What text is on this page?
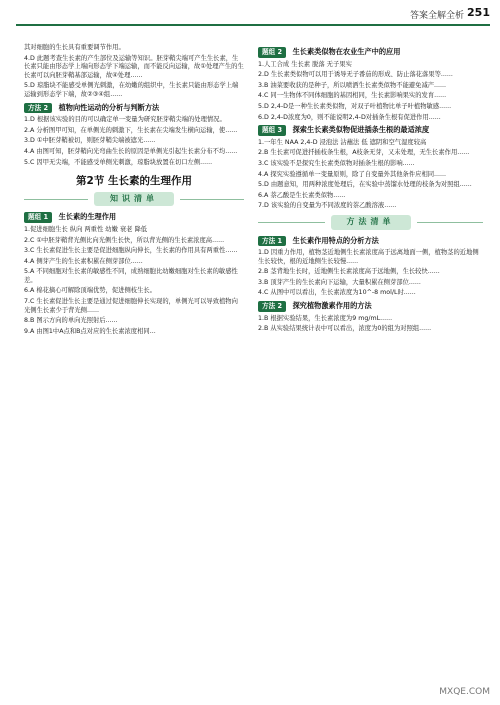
答案全解全析 251

其对细胞的生长具有重要调节作用。

4.D 此题考查生长素的产生部位及运输等知识。胚芽鞘尖端可产生生长素，生长素只能由形态学上端向形态学下端运输，而不能反向运输，故①处理产生的生长素可以向胚芽鞘基部运输，故④处理......

5.D 琼脂块不能感受单侧光刺激，在幼嫩的组织中，生长素只能由形态学上端运输到形态学下端，故②③④组......

方法 2 植物向性运动的分析与判断方法

1.D 根据该实验的目的可以确定单一变量为研究胚芽鞘尖端的处理情况。

2.A 分析图甲可知，在单侧光的刺激下，生长素在尖端发生横向运输，使......

3.D ①中胚芽鞘被切，则胚芽鞘尖端被遮光......

4.A 由图可知，胚芽鞘向光弯曲生长的原因是单侧光引起生长素分布不均......

5.C 因甲无尖端，不能感受单侧光刺激，琼脂块放置在切口左侧......

第2节 生长素的生理作用
知识清单
题组 1 生长素的生理作用

1.促进细胞生长 纵向 两重性 幼嫩 衰老 降低

2.C ①中胚芽鞘背光侧比向光侧生长快，所以背光侧的生长素浓度高......

3.C 生长素促进生长主要是促进细胞纵向伸长，生长素的作用具有两重性......

4.A 侧芽产生的生长素积累在侧芽部位......

5.A 不同细胞对生长素的敏感性不同，成熟细胞比幼嫩细胞对生长素的敏感性差。

6.A 棉花摘心可解除顶端优势，促进侧枝生长。

7.C 生长素促进生长主要是通过促进细胞伸长实现的，单侧光可以导致植物向光侧生长素少于背光侧......

8.B 图示方向的单向光照射后......

9.A 由图1中A点和B点对应的生长素浓度相同...

题组 2 生长素类似物在农业生产中的应用

1.人工合成 生长素 脱落 无子果实

2.D 生长素类似物可以用于诱导无子番茄的形成、防止落花落果等......

3.B 油菜要收获的是种子，所以喷洒生长素类似物不能避免减产......

4.C 同一生物体不同体细胞的基因相同，生长素影响果实的发育......

5.D 2,4-D是一种生长素类似物，对双子叶植物比单子叶植物敏感......

6.D 2,4-D浓度为0，则不能说明2,4-D对插条生根有促进作用......

题组 3 探索生长素类似物促进插条生根的最适浓度

1.一年生 NAA 2,4-D 浸泡法 沾蘸法 低 遮阴和空气湿度较高

2.B 生长素可促进扦插枝条生根，A枝条无芽，又未处理，无生长素作用......

3.C 该实验不是探究生长素类似物对插条生根的影响......

4.A 探究实验遵循单一变量原则，除了自变量外其他条件应相同......

5.D 由题意知，用两种浓度处理后，在实验中蒸馏水处理的枝条为对照组......

6.A 萘乙酸是生长素类似物......

7.D 该实验的自变量为不同浓度的萘乙酸溶液......

方法清单
方法 1 生长素作用特点的分析方法

1.D 因重力作用，植物茎近地侧生长素浓度高于远离地面一侧，植物茎的近地侧生长较快，根的近地侧生长较慢......

2.B 茎背地生长时，近地侧生长素浓度高于远地侧，生长较快......

3.B 顶芽产生的生长素向下运输，大量积累在侧芽部位......

4.C 从图中可以看出，生长素浓度为10^-8 mol/L时......

方法 2 探究植物激素作用的方法

1.B 根据实验结果，生长素浓度为9 mg/mL......

2.B 从实验结果统计表中可以看出，浓度为0的组为对照组......

MXQE.COM
